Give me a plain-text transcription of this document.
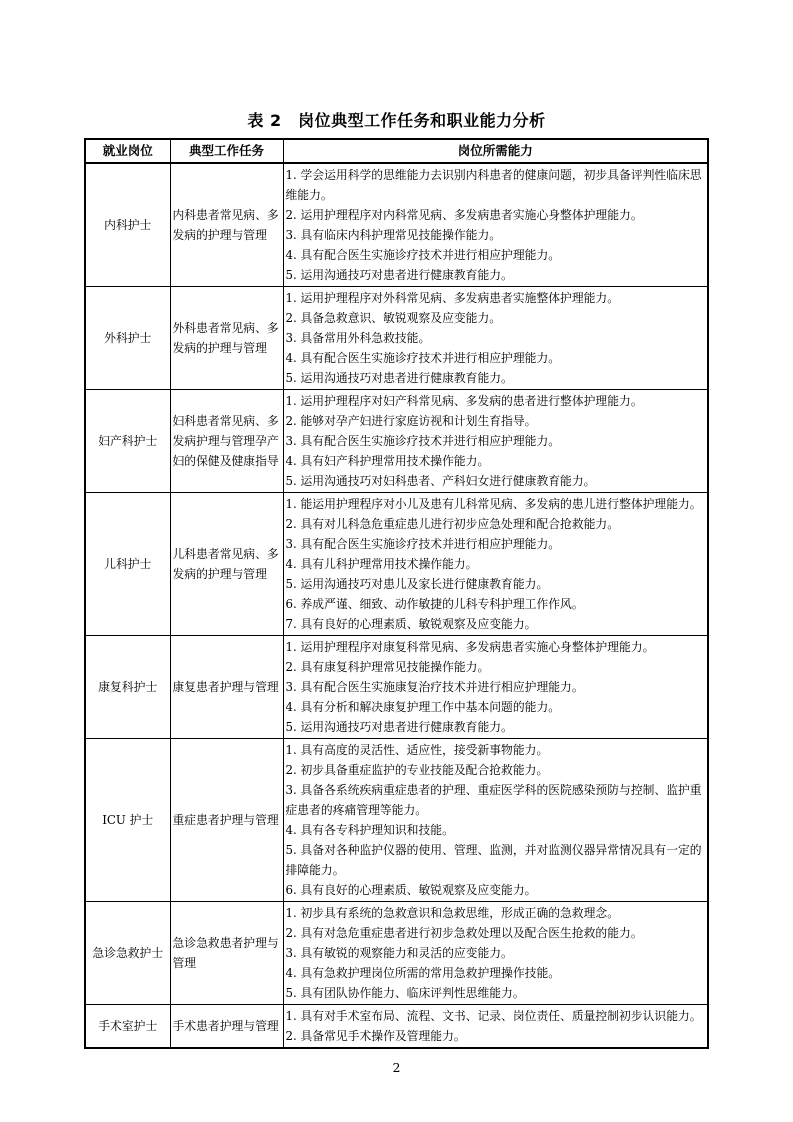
表 2　岗位典型工作任务和职业能力分析
就业岗位	典型工作任务	岗位所需能力
内科护士	内科患者常见病、多发病的护理与管理	1. 学会运用科学的思维能力去识别内科患者的健康问题，初步具备评判性临床思维能力。

2. 运用护理程序对内科常见病、多发病患者实施心身整体护理能力。

3. 具有临床内科护理常见技能操作能力。

4. 具有配合医生实施诊疗技术并进行相应护理能力。

5. 运用沟通技巧对患者进行健康教育能力。

外科护士	外科患者常见病、多发病的护理与管理	1. 运用护理程序对外科常见病、多发病患者实施整体护理能力。

2. 具备急救意识、敏锐观察及应变能力。

3. 具备常用外科急救技能。

4. 具有配合医生实施诊疗技术并进行相应护理能力。

5. 运用沟通技巧对患者进行健康教育能力。

妇产科护士	妇科患者常见病、多发病护理与管理孕产妇的保健及健康指导	1. 运用护理程序对妇产科常见病、多发病的患者进行整体护理能力。

2. 能够对孕产妇进行家庭访视和计划生育指导。

3. 具有配合医生实施诊疗技术并进行相应护理能力。

4. 具有妇产科护理常用技术操作能力。

5. 运用沟通技巧对妇科患者、产科妇女进行健康教育能力。

儿科护士	儿科患者常见病、多发病的护理与管理	

1. 能运用护理程序对小儿及患有儿科常见病、多发病的患儿进行整体护理能力。

2. 具有对儿科急危重症患儿进行初步应急处理和配合抢救能力。

3. 具有配合医生实施诊疗技术并进行相应护理能力。

4. 具有儿科护理常用技术操作能力。

5. 运用沟通技巧对患儿及家长进行健康教育能力。

6. 养成严谨、细致、动作敏捷的儿科专科护理工作作风。

7. 具有良好的心理素质、敏锐观察及应变能力。

康复科护士	康复患者护理与管理	1. 运用护理程序对康复科常见病、多发病患者实施心身整体护理能力。

2. 具有康复科护理常见技能操作能力。

3. 具有配合医生实施康复治疗技术并进行相应护理能力。

4. 具有分析和解决康复护理工作中基本问题的能力。

5. 运用沟通技巧对患者进行健康教育能力。

ICU 护士	重症患者护理与管理	

1. 具有高度的灵活性、适应性，接受新事物能力。

2. 初步具备重症监护的专业技能及配合抢救能力。

3. 具备各系统疾病重症患者的护理、重症医学科的医院感染预防与控制、监护重症患者的疼痛管理等能力。

4. 具有各专科护理知识和技能。

5. 具备对各种监护仪器的使用、管理、监测，并对监测仪器异常情况具有一定的排障能力。

6. 具有良好的心理素质、敏锐观察及应变能力。

急诊急救护士	急诊急救患者护理与管理	1. 初步具有系统的急救意识和急救思维，形成正确的急救理念。

2. 具有对急危重症患者进行初步急救处理以及配合医生抢救的能力。

3. 具有敏锐的观察能力和灵活的应变能力。

4. 具有急救护理岗位所需的常用急救护理操作技能。

5. 具有团队协作能力、临床评判性思维能力。

手术室护士	手术患者护理与管理	1. 具有对手术室布局、流程、文书、记录、岗位责任、质量控制初步认识能力。

2. 具备常见手术操作及管理能力。

2
